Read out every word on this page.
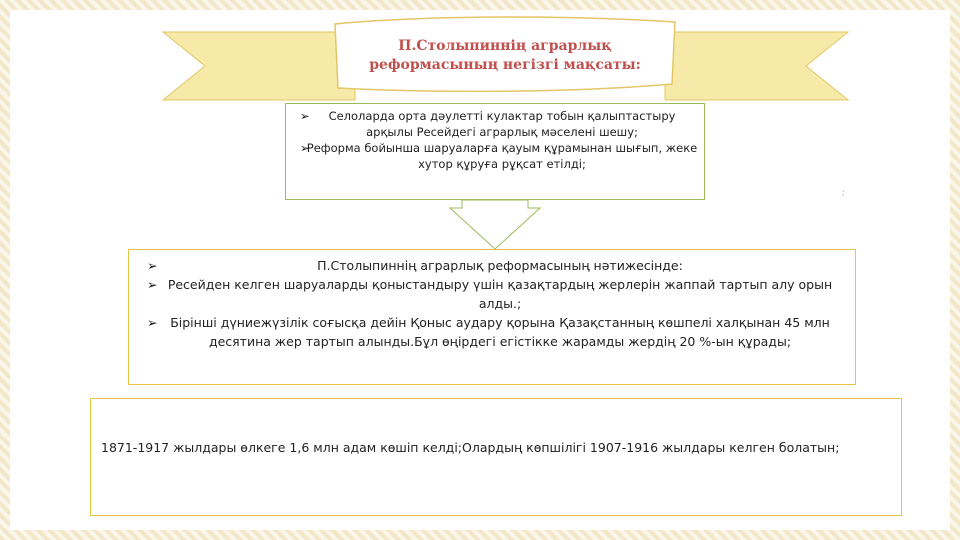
П.Столыпиннің аграрлық
реформасының негізгі мақсаты:
➢ Селоларда орта дәулетті кулактар тобын қалыптастыру арқылы Ресейдегі аграрлық мәселені шешу;
➢
Реформа бойынша шаруаларға қауым құрамынан шығып, жеке хутор құруға рұқсат етілді;
;
➢	П.Столыпиннің аграрлық реформасының нәтижесінде:
➢ Ресейден келген шаруаларды қоныстандыру үшін қазақтардың жерлерін жаппай тартып алу орын алды.;
➢ Бірінші дүниежүзілік соғысқа дейін Қоныс аудару қорына Қазақстанның көшпелі халқынан 45 млн десятина жер тартып алынды.Бұл өңірдегі егістікке жарамды жердің 20 %-ын құрады;
1871-1917 жылдары өлкеге 1,6 млн адам көшіп келді;Олардың көпшілігі 1907-1916 жылдары келген болатын;
